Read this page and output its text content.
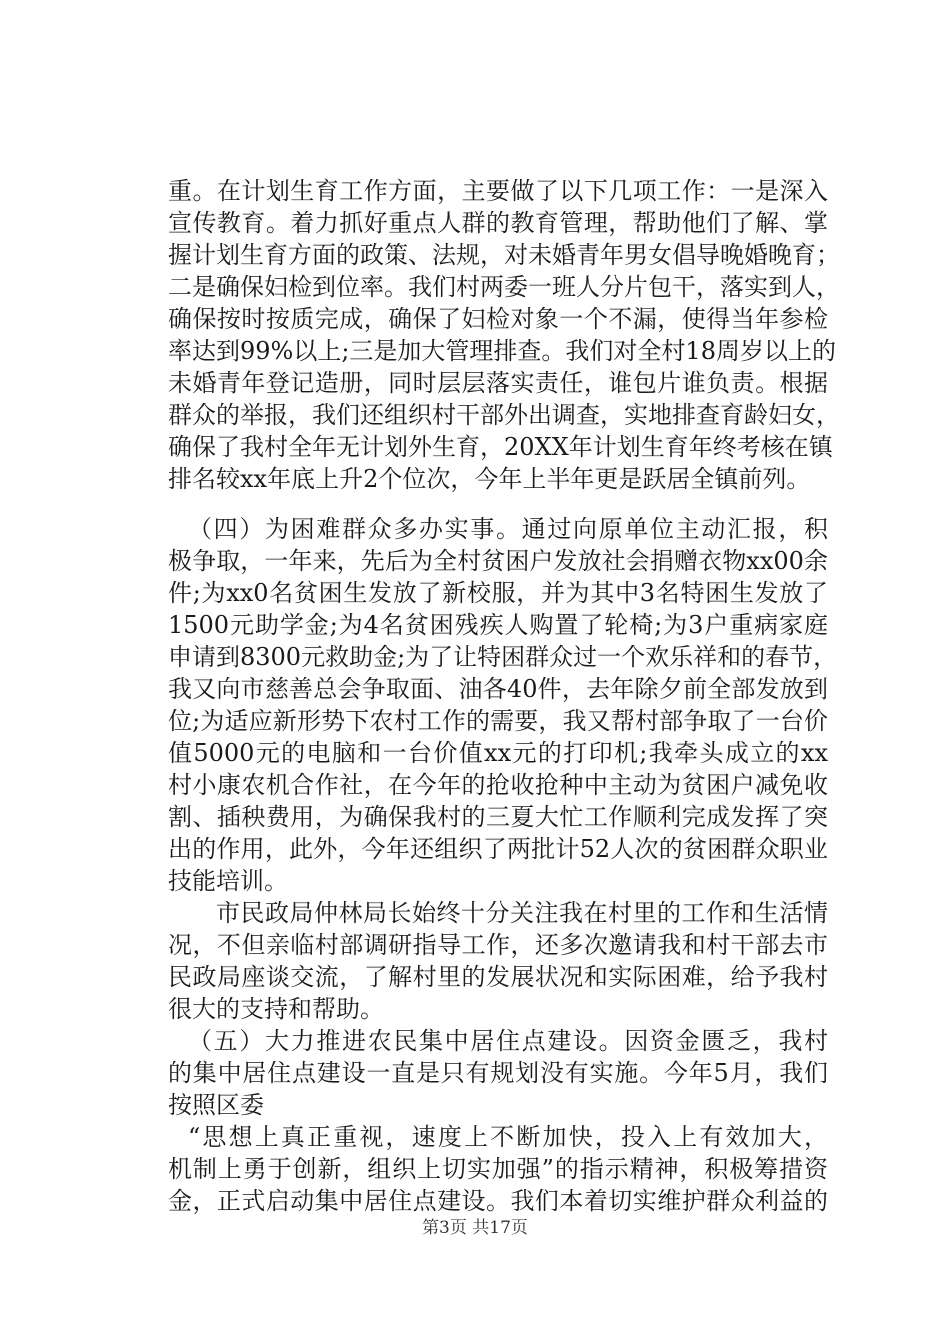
重。在计划生育工作方面，主要做了以下几项工作：一是深入
宣传教育。着力抓好重点人群的教育管理，帮助他们了解、掌
握计划生育方面的政策、法规，对未婚青年男女倡导晚婚晚育；
二是确保妇检到位率。我们村两委一班人分片包干，落实到人，
确保按时按质完成，确保了妇检对象一个不漏，使得当年参检
率达到99%以上;三是加大管理排查。我们对全村18周岁以上的
未婚青年登记造册，同时层层落实责任，谁包片谁负责。根据
群众的举报，我们还组织村干部外出调查，实地排查育龄妇女，
确保了我村全年无计划外生育，20XX年计划生育年终考核在镇
排名较xx年底上升2个位次，今年上半年更是跃居全镇前列。
（四）为困难群众多办实事。通过向原单位主动汇报，积
极争取，一年来，先后为全村贫困户发放社会捐赠衣物xx00余
件;为xx0名贫困生发放了新校服，并为其中3名特困生发放了
1500元助学金;为4名贫困残疾人购置了轮椅;为3户重病家庭
申请到8300元救助金;为了让特困群众过一个欢乐祥和的春节，
我又向市慈善总会争取面、油各40件，去年除夕前全部发放到
位;为适应新形势下农村工作的需要，我又帮村部争取了一台价
值5000元的电脑和一台价值xx元的打印机;我牵头成立的xx
村小康农机合作社，在今年的抢收抢种中主动为贫困户减免收
割、插秧费用，为确保我村的三夏大忙工作顺利完成发挥了突
出的作用，此外，今年还组织了两批计52人次的贫困群众职业
技能培训。
市民政局仲林局长始终十分关注我在村里的工作和生活情
况，不但亲临村部调研指导工作，还多次邀请我和村干部去市
民政局座谈交流，了解村里的发展状况和实际困难，给予我村
很大的支持和帮助。
（五）大力推进农民集中居住点建设。因资金匮乏，我村
的集中居住点建设一直是只有规划没有实施。今年5月，我们
按照区委
“思想上真正重视，速度上不断加快，投入上有效加大，
机制上勇于创新，组织上切实加强”的指示精神，积极筹措资
金，正式启动集中居住点建设。我们本着切实维护群众利益的
第3页 共17页
